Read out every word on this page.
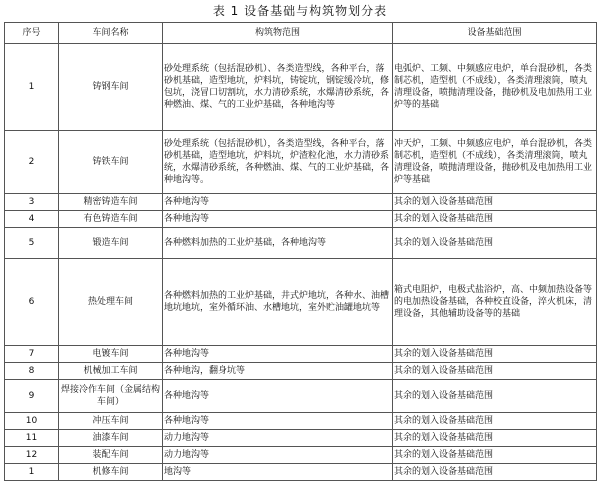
表 1 设备基础与构筑物划分表
序号	车间名称	构筑物范围	设备基础范围
1	铸钢车间	砂处理系统（包括混砂机）、各类造型线，各种平台，落砂机基础，造型地坑，炉料坑，铸锭坑，钢锭缓冷坑，修包坑，浇冒口切割坑，水力清砂系统，水爆清砂系统，各种燃油、煤、气的工业炉基础，各种地沟等	电弧炉、工频、中频感应电炉，单台混砂机，各类制芯机，造型机（不成线），各类清理滚筒，喷丸清理设备，喷抛清理设备，抛砂机及电加热用工业炉等的基础
2	铸铁车间	砂处理系统（包括混砂机），各类造型线，各种平台，落砂机基础，造型地坑，炉料坑，炉渣粒化池，水力清砂系统，水爆清砂系统，各种燃油、煤、气的工业炉基础，各种地沟等。	冲天炉，工频、中频感应电炉，单台混砂机，各类制芯机，造型机（不成线），各类清理滚筒，喷丸清理设备，喷抛清理设备，抛砂机及电加热用工业炉等基础
3	精密铸造车间	各种地沟等	其余的划入设备基础范围
4	有色铸造车间	各种地沟等	其余的划入设备基础范围
5	锻造车间	各种燃料加热的工业炉基础，各种地沟等	其余的划入设备基础范围
6	热处理车间	各种燃料加热的工业炉基础，井式炉地坑，各种水、油槽地坑地坑，室外循环油、水槽地坑，室外贮油罐地坑等	箱式电阻炉，电极式盐浴炉，高、中频加热设备等的电加热设备基础，各种校直设备，淬火机床，清理设备，其他辅助设备等的基础
7	电镀车间	各种地沟等	其余的划入设备基础范围
8	机械加工车间	各种地沟，翻身坑等	其余的划入设备基础范围
9	焊接冷作车间（金属结构车间）	各种地沟等	其余的划入设备基础范围
10	冲压车间	各种地沟等	其余的划入设备基础范围
11	油漆车间	动力地沟等	其余的划入设备基础范围
12	装配车间	动力地沟等	其余的划入设备基础范围
1	机修车间	地沟等	其余的划入设备基础范围
